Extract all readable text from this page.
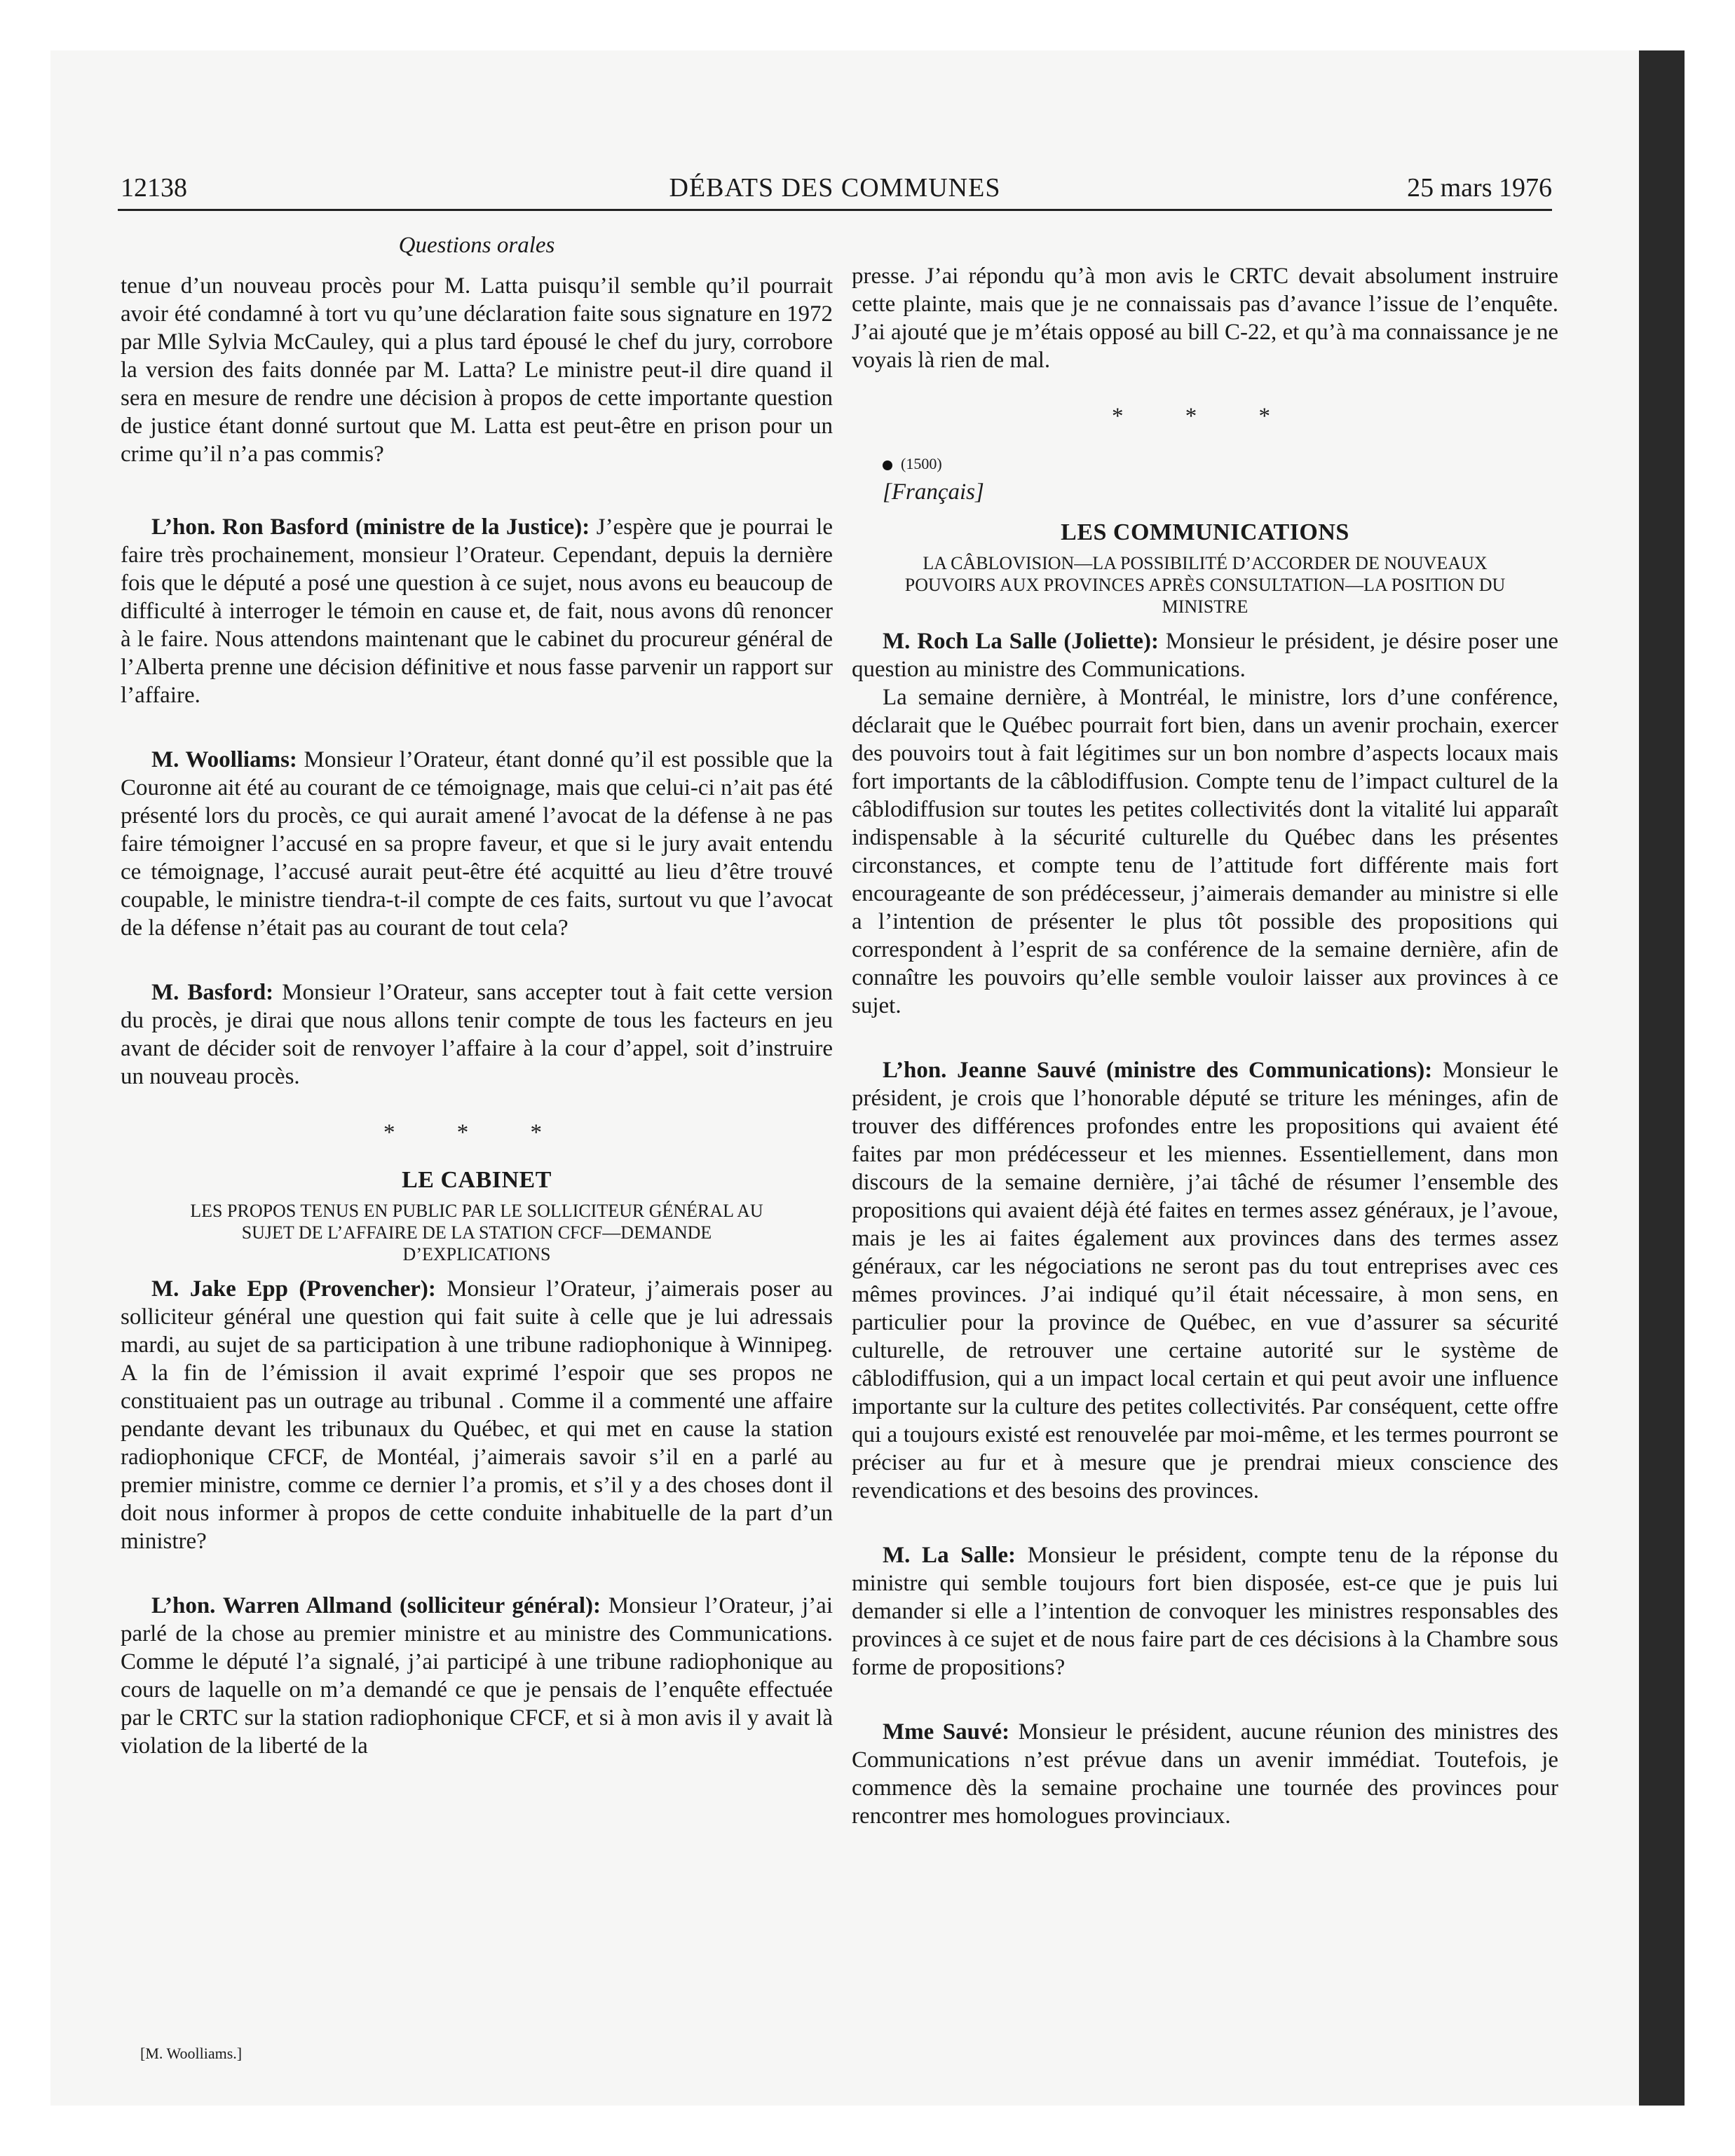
12138	DÉBATS DES COMMUNES	25 mars 1976
Questions orales

tenue d’un nouveau procès pour M. Latta puisqu’il semble qu’il pourrait avoir été condamné à tort vu qu’une déclaration faite sous signature en 1972 par Mlle Sylvia McCauley, qui a plus tard épousé le chef du jury, corrobore la version des faits donnée par M. Latta? Le ministre peut-il dire quand il sera en mesure de rendre une décision à propos de cette importante question de justice étant donné surtout que M. Latta est peut-être en prison pour un crime qu’il n’a pas commis?

L’hon. Ron Basford (ministre de la Justice): J’espère que je pourrai le faire très prochainement, monsieur l’Orateur. Cependant, depuis la dernière fois que le député a posé une question à ce sujet, nous avons eu beaucoup de difficulté à interroger le témoin en cause et, de fait, nous avons dû renoncer à le faire. Nous attendons maintenant que le cabinet du procureur général de l’Alberta prenne une décision définitive et nous fasse parvenir un rapport sur l’affaire.

M. Woolliams: Monsieur l’Orateur, étant donné qu’il est possible que la Couronne ait été au courant de ce témoignage, mais que celui-ci n’ait pas été présenté lors du procès, ce qui aurait amené l’avocat de la défense à ne pas faire témoigner l’accusé en sa propre faveur, et que si le jury avait entendu ce témoignage, l’accusé aurait peut-être été acquitté au lieu d’être trouvé coupable, le ministre tiendra-t-il compte de ces faits, surtout vu que l’avocat de la défense n’était pas au courant de tout cela?

M. Basford: Monsieur l’Orateur, sans accepter tout à fait cette version du procès, je dirai que nous allons tenir compte de tous les facteurs en jeu avant de décider soit de renvoyer l’affaire à la cour d’appel, soit d’instruire un nouveau procès.

* * *
LE CABINET
LES PROPOS TENUS EN PUBLIC PAR LE SOLLICITEUR GÉNÉRAL AU SUJET DE L’AFFAIRE DE LA STATION CFCF—DEMANDE D’EXPLICATIONS

M. Jake Epp (Provencher): Monsieur l’Orateur, j’aimerais poser au solliciteur général une question qui fait suite à celle que je lui adressais mardi, au sujet de sa participation à une tribune radiophonique à Winnipeg. A la fin de l’émission il avait exprimé l’espoir que ses propos ne constituaient pas un outrage au tribunal . Comme il a commenté une affaire pendante devant les tribunaux du Québec, et qui met en cause la station radiophonique CFCF, de Montéal, j’aimerais savoir s’il en a parlé au premier ministre, comme ce dernier l’a promis, et s’il y a des choses dont il doit nous informer à propos de cette conduite inhabituelle de la part d’un ministre?

L’hon. Warren Allmand (solliciteur général): Monsieur l’Orateur, j’ai parlé de la chose au premier ministre et au ministre des Communications. Comme le député l’a signalé, j’ai participé à une tribune radiophonique au cours de laquelle on m’a demandé ce que je pensais de l’enquête effectuée par le CRTC sur la station radiophonique CFCF, et si à mon avis il y avait là violation de la liberté de la

presse. J’ai répondu qu’à mon avis le CRTC devait absolument instruire cette plainte, mais que je ne connaissais pas d’avance l’issue de l’enquête. J’ai ajouté que je m’étais opposé au bill C-22, et qu’à ma connaissance je ne voyais là rien de mal.

* * *

(1500)

[Français]

LES COMMUNICATIONS
LA CÂBLOVISION—LA POSSIBILITÉ D’ACCORDER DE NOUVEAUX POUVOIRS AUX PROVINCES APRÈS CONSULTATION—LA POSITION DU MINISTRE

M. Roch La Salle (Joliette): Monsieur le président, je désire poser une question au ministre des Communications.

La semaine dernière, à Montréal, le ministre, lors d’une conférence, déclarait que le Québec pourrait fort bien, dans un avenir prochain, exercer des pouvoirs tout à fait légitimes sur un bon nombre d’aspects locaux mais fort importants de la câblodiffusion. Compte tenu de l’impact culturel de la câblodiffusion sur toutes les petites collectivités dont la vitalité lui apparaît indispensable à la sécurité culturelle du Québec dans les présentes circonstances, et compte tenu de l’attitude fort différente mais fort encourageante de son prédécesseur, j’aimerais demander au ministre si elle a l’intention de présenter le plus tôt possible des propositions qui correspondent à l’esprit de sa conférence de la semaine dernière, afin de connaître les pouvoirs qu’elle semble vouloir laisser aux provinces à ce sujet.

L’hon. Jeanne Sauvé (ministre des Communications): Monsieur le président, je crois que l’honorable député se triture les méninges, afin de trouver des différences profondes entre les propositions qui avaient été faites par mon prédécesseur et les miennes. Essentiellement, dans mon discours de la semaine dernière, j’ai tâché de résumer l’ensemble des propositions qui avaient déjà été faites en termes assez généraux, je l’avoue, mais je les ai faites également aux provinces dans des termes assez généraux, car les négociations ne seront pas du tout entreprises avec ces mêmes provinces. J’ai indiqué qu’il était nécessaire, à mon sens, en particulier pour la province de Québec, en vue d’assurer sa sécurité culturelle, de retrouver une certaine autorité sur le système de câblodiffusion, qui a un impact local certain et qui peut avoir une influence importante sur la culture des petites collectivités. Par conséquent, cette offre qui a toujours existé est renouvelée par moi-même, et les termes pourront se préciser au fur et à mesure que je prendrai mieux conscience des revendications et des besoins des provinces.

M. La Salle: Monsieur le président, compte tenu de la réponse du ministre qui semble toujours fort bien disposée, est-ce que je puis lui demander si elle a l’intention de convoquer les ministres responsables des provinces à ce sujet et de nous faire part de ces décisions à la Chambre sous forme de propositions?

Mme Sauvé: Monsieur le président, aucune réunion des ministres des Communications n’est prévue dans un avenir immédiat. Toutefois, je commence dès la semaine prochaine une tournée des provinces pour rencontrer mes homologues provinciaux.

[M. Woolliams.]
